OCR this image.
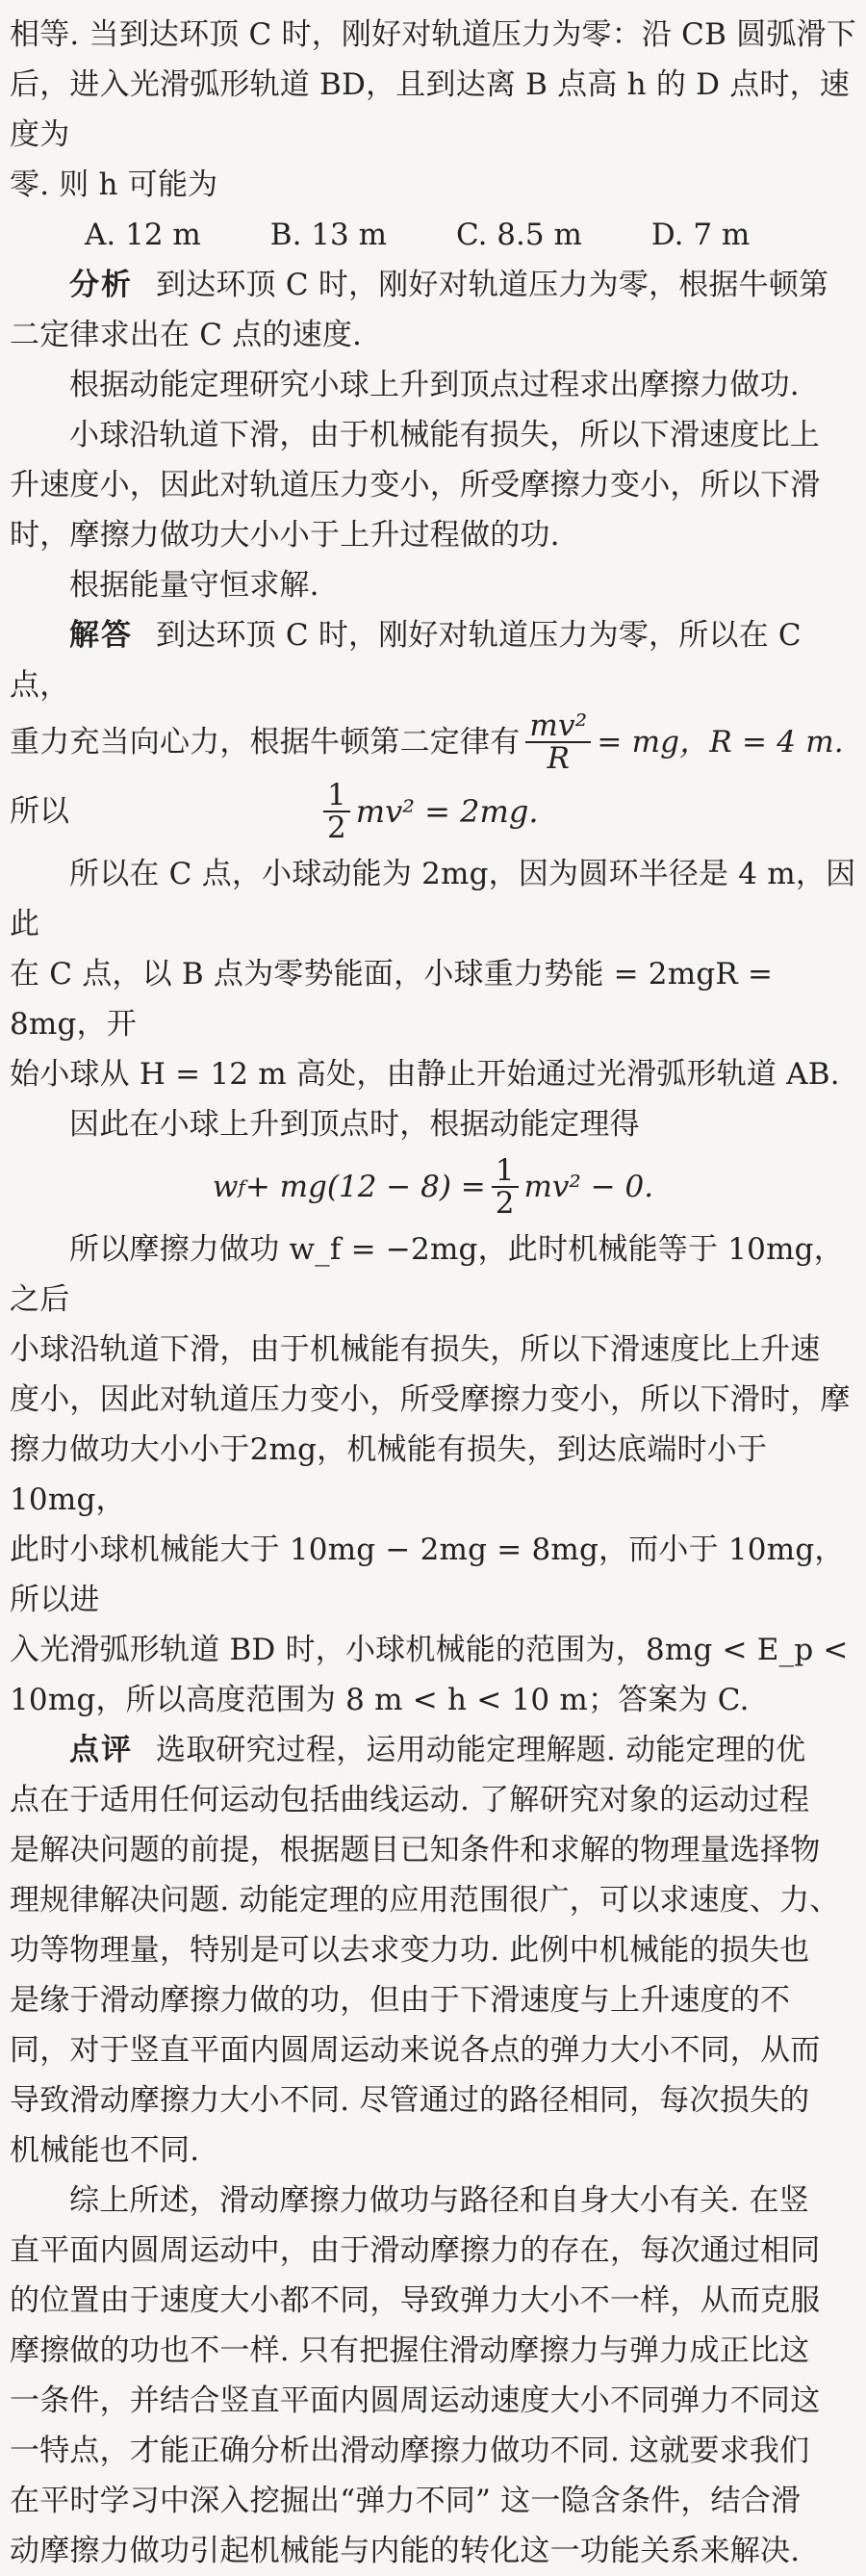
相等. 当到达环顶 C 时，刚好对轨道压力为零：沿 CB 圆弧滑下

后，进入光滑弧形轨道 BD，且到达离 B 点高 h 的 D 点时，速度为

零. 则 h 可能为

A. 12 m B. 13 m C. 8.5 m D. 7 m

分析 到达环顶 C 时，刚好对轨道压力为零，根据牛顿第

二定律求出在 C 点的速度.

根据动能定理研究小球上升到顶点过程求出摩擦力做功.

小球沿轨道下滑，由于机械能有损失，所以下滑速度比上

升速度小，因此对轨道压力变小，所受摩擦力变小，所以下滑

时，摩擦力做功大小小于上升过程做的功.

根据能量守恒求解.

解答 到达环顶 C 时，刚好对轨道压力为零，所以在 C 点，

重力充当向心力，根据牛顿第二定律有 $\frac{\text{mv²}}{R}$ = mg，R = 4 m.
所以	$\frac{1}{2} mv^2 = 2mg$.

所以在 C 点，小球动能为 2mg，因为圆环半径是 4 m，因此

在 C 点，以 B 点为零势能面，小球重力势能 = 2mgR = 8mg，开

始小球从 H = 12 m 高处，由静止开始通过光滑弧形轨道 AB.

因此在小球上升到顶点时，根据动能定理得

w $f + mg(12 - 8) = \frac{1}{2} mv^2 - 0$.

所以摩擦力做功 w_f = −2mg，此时机械能等于 10mg，之后

小球沿轨道下滑，由于机械能有损失，所以下滑速度比上升速

度小，因此对轨道压力变小，所受摩擦力变小，所以下滑时，摩

擦力做功大小小于2mg，机械能有损失，到达底端时小于10mg，

此时小球机械能大于 10mg − 2mg = 8mg，而小于 10mg，所以进

入光滑弧形轨道 BD 时，小球机械能的范围为，8mg < E_p <

10mg，所以高度范围为 8 m < h < 10 m；答案为 C.

点评 选取研究过程，运用动能定理解题. 动能定理的优

点在于适用任何运动包括曲线运动. 了解研究对象的运动过程

是解决问题的前提，根据题目已知条件和求解的物理量选择物

理规律解决问题. 动能定理的应用范围很广，可以求速度、力、

功等物理量，特别是可以去求变力功. 此例中机械能的损失也

是缘于滑动摩擦力做的功，但由于下滑速度与上升速度的不

同，对于竖直平面内圆周运动来说各点的弹力大小不同，从而

导致滑动摩擦力大小不同. 尽管通过的路径相同，每次损失的

机械能也不同.

综上所述，滑动摩擦力做功与路径和自身大小有关. 在竖

直平面内圆周运动中，由于滑动摩擦力的存在，每次通过相同

的位置由于速度大小都不同，导致弹力大小不一样，从而克服

摩擦做的功也不一样. 只有把握住滑动摩擦力与弹力成正比这

一条件，并结合竖直平面内圆周运动速度大小不同弹力不同这

一特点，才能正确分析出滑动摩擦力做功不同. 这就要求我们

在平时学习中深入挖掘出“弹力不同” 这一隐含条件，结合滑

动摩擦力做功引起机械能与内能的转化这一功能关系来解决.
